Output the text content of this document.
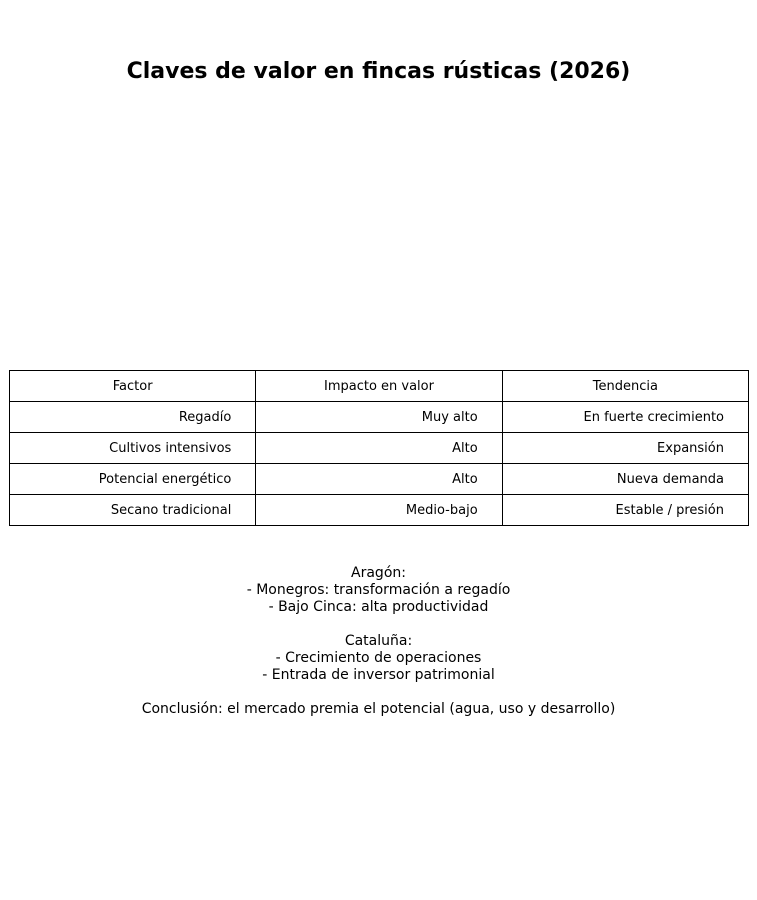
Claves de valor en fincas rústicas (2026)
Factor	Impacto en valor	Tendencia
Regadío	Muy alto	En fuerte crecimiento
Cultivos intensivos	Alto	Expansión
Potencial energético	Alto	Nueva demanda
Secano tradicional	Medio-bajo	Estable / presión
Aragón:
- Monegros: transformación a regadío
- Bajo Cinca: alta productividad
Cataluña:
- Crecimiento de operaciones
- Entrada de inversor patrimonial
Conclusión: el mercado premia el potencial (agua, uso y desarrollo)
